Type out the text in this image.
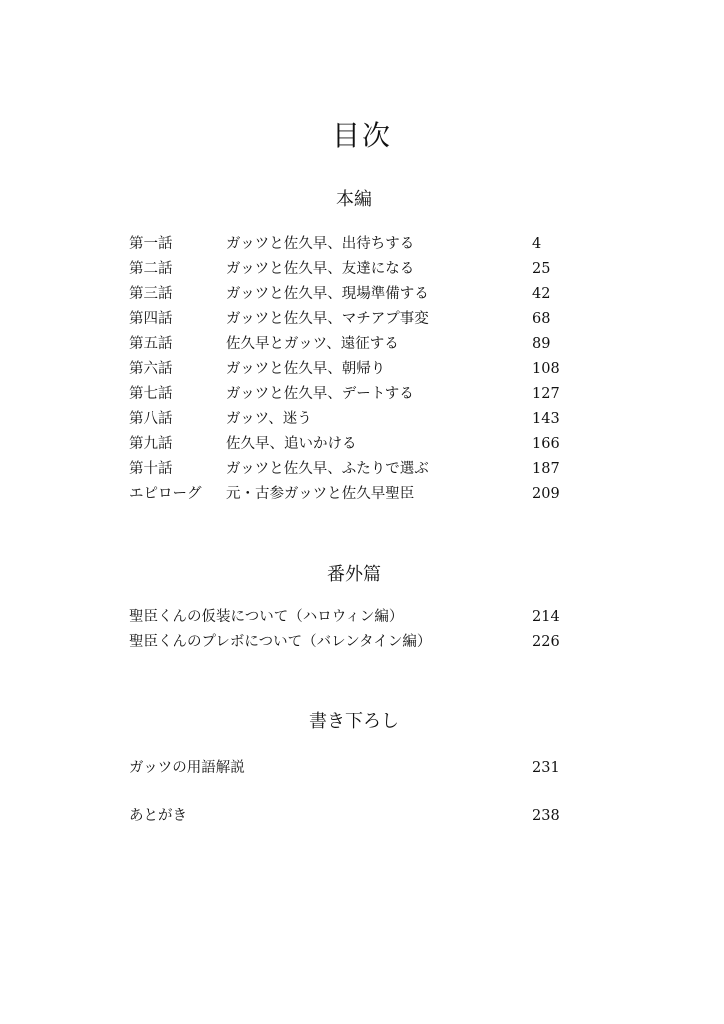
目次
本編
第一話	ガッツと佐久早、出待ちする	4
第二話	ガッツと佐久早、友達になる	25
第三話	ガッツと佐久早、現場準備する	42
第四話	ガッツと佐久早、マチアプ事変	68
第五話	佐久早とガッツ、遠征する	89
第六話	ガッツと佐久早、朝帰り	108
第七話	ガッツと佐久早、デートする	127
第八話	ガッツ、迷う	143
第九話	佐久早、追いかける	166
第十話	ガッツと佐久早、ふたりで選ぶ	187
エピローグ 元・古参ガッツと佐久早聖臣	209
番外篇
聖臣くんの仮装について（ハロウィン編）	214
聖臣くんのプレボについて（バレンタイン編）	226
書き下ろし
ガッツの用語解説	231
あとがき	238
